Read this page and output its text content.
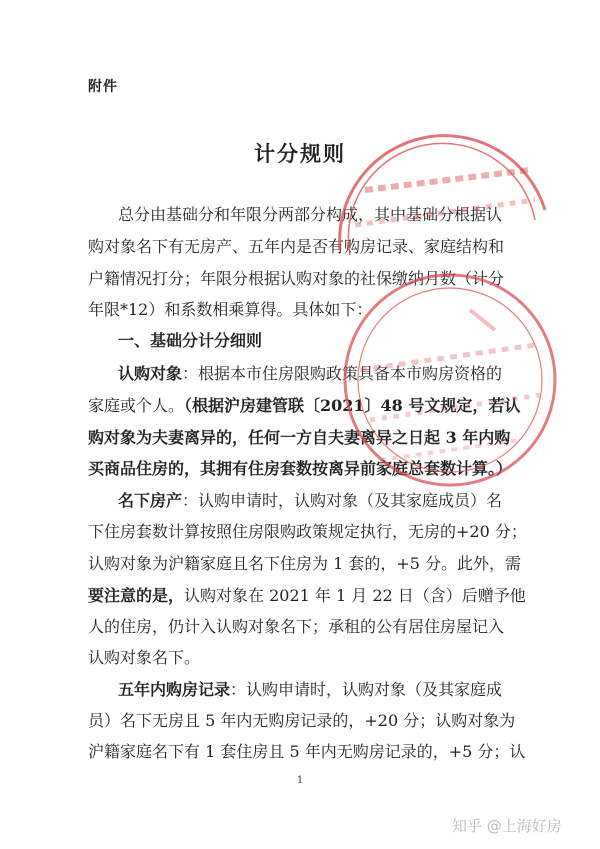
附件
计分规则
总分由基础分和年限分两部分构成，其中基础分根据认
购对象名下有无房产、五年内是否有购房记录、家庭结构和
户籍情况打分；年限分根据认购对象的社保缴纳月数（计分
年限*12）和系数相乘算得。具体如下：
一、基础分计分细则
认购对象：根据本市住房限购政策具备本市购房资格的
家庭或个人。（根据沪房建管联〔2021〕48 号文规定，若认
购对象为夫妻离异的，任何一方自夫妻离异之日起 3 年内购
买商品住房的，其拥有住房套数按离异前家庭总套数计算。）
名下房产：认购申请时，认购对象（及其家庭成员）名
下住房套数计算按照住房限购政策规定执行，无房的+20 分；
认购对象为沪籍家庭且名下住房为 1 套的，+5 分。此外，需
要注意的是，认购对象在 2021 年 1 月 22 日（含）后赠予他
人的住房，仍计入认购对象名下；承租的公有居住房屋记入
认购对象名下。
五年内购房记录：认购申请时，认购对象（及其家庭成
员）名下无房且 5 年内无购房记录的，+20 分；认购对象为
沪籍家庭名下有 1 套住房且 5 年内无购房记录的，+5 分；认
1
知乎 @上海好房
